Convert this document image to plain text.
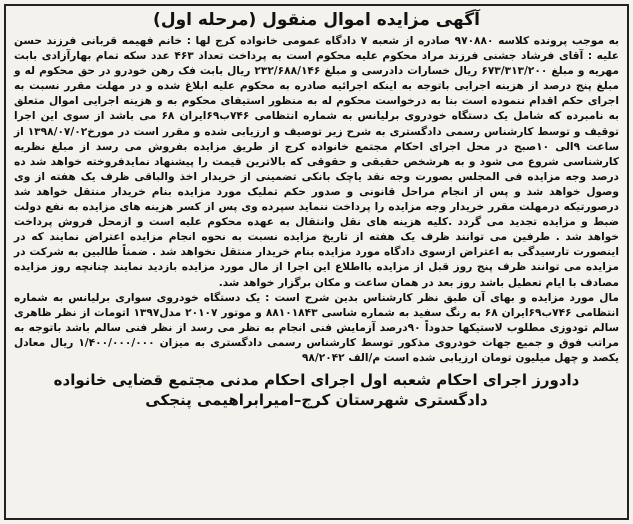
آگهی مزایده اموال منقول (مرحله اول)

به موجب پرونده کلاسه ۹۷۰۸۸۰ صادره از شعبه ۷ دادگاه عمومی خانواده کرج لها : خانم فهیمه قربانی فرزند حسن علیه : آقای فرشاد جشنی فرزند مراد محکوم علیه محکوم است به پرداخت تعداد ۴۶۳ عدد سکه تمام بهارآزادی بابت مهریه و مبلغ ۶۷۳/۳۱۳/۲۰۰ ریال خسارات دادرسی و مبلغ ۲۳۲/۶۸۸/۱۴۶ ریال بابت فک رهن خودرو در حق محکوم له و مبلغ پنج درصد از هزینه اجرایی باتوجه به اینکه اجرائیه صادره به محکوم علیه ابلاغ شده و در مهلت مقرر نسبت به اجرای حکم اقدام ننموده است بنا به درخواست محکوم له به منظور استیفای محکوم به و هزینه اجرایی اموال متعلق به نامبرده که شامل یک دستگاه خودروی برلیانس به شماره انتظامی ۷۴۶ب۶۹ایران ۶۸ می باشد از سوی این اجرا توقیف و توسط کارشناس رسمی دادگستری به شرح زیر توصیف و ارزیابی شده و مقرر است در مورخ۱۳۹۸/۰۷/۰۲ از ساعت ۹الی ۱۰صبح در محل اجرای احکام مجتمع خانواده کرج از طریق مزایده بفروش می رسد از مبلغ نظریه کارشناسی شروع می شود و به هرشخص حقیقی و حقوقی که بالاترین قیمت را پیشنهاد نمایدفروخته خواهد شد ده درصد وجه مزایده فی المجلس بصورت وجه نقد یاچک بانکی تضمینی از خریدار اخذ والباقی ظرف یک هفته از وی وصول خواهد شد و پس از انجام مراحل قانونی و صدور حکم تملیک مورد مزایده بنام خریدار منتقل خواهد شد درصورتیکه درمهلت مقرر خریدار وجه مزایده را پرداخت ننماید سپرده وی پس از کسر هزینه های مزایده به نفع دولت ضبط و مزایده تجدید می گردد .کلیه هزینه های نقل وانتقال به عهده محکوم علیه است و ازمحل فروش پرداخت خواهد شد . طرفین می توانند ظرف یک هفته از تاریخ مزایده نسبت به نحوه انجام مزایده اعتراض نمایند که در اینصورت تارسیدگی به اعتراض ازسوی دادگاه مورد مزایده بنام خریدار منتقل نخواهد شد . ضمناً طالبین به شرکت در مزایده می توانند ظرف پنج روز قبل از مزایده بااطلاع این اجرا از مال مورد مزایده بازدید نمایند چنانچه روز مزایده مصادف با ایام تعطیل باشد روز بعد در همان ساعت و مکان برگزار خواهد شد.

مال مورد مزایده و بهای آن طبق نظر کارشناس بدین شرح است : یک دستگاه خودروی سواری برلیانس به شماره انتظامی ۷۴۶ب۶۹ایران ۶۸ به رنگ سفید به شماره شاسی ۸۸۱۰۱۸۴۳ و موتور ۲۰۱۰۷ مدل۱۳۹۷ اتومات از نظر ظاهری سالم تودوزی مطلوب لاستیکها حدوداً ۹۰درصد آزمایش فنی انجام به نظر می رسد از نظر فنی سالم باشد باتوجه به مراتب فوق و جمیع جهات خودروی مذکور توسط کارشناس رسمی دادگستری به میزان ۱/۴۰۰/۰۰۰/۰۰۰ ریال معادل یکصد و چهل میلیون تومان ارزیابی شده است م/الف ۹۸/۲۰۴۲

دادورز اجرای احکام شعبه اول اجرای احکام مدنی مجتمع قضایی خانواده
دادگستری شهرستان کرج–امیرابراهیمی پنجکی
